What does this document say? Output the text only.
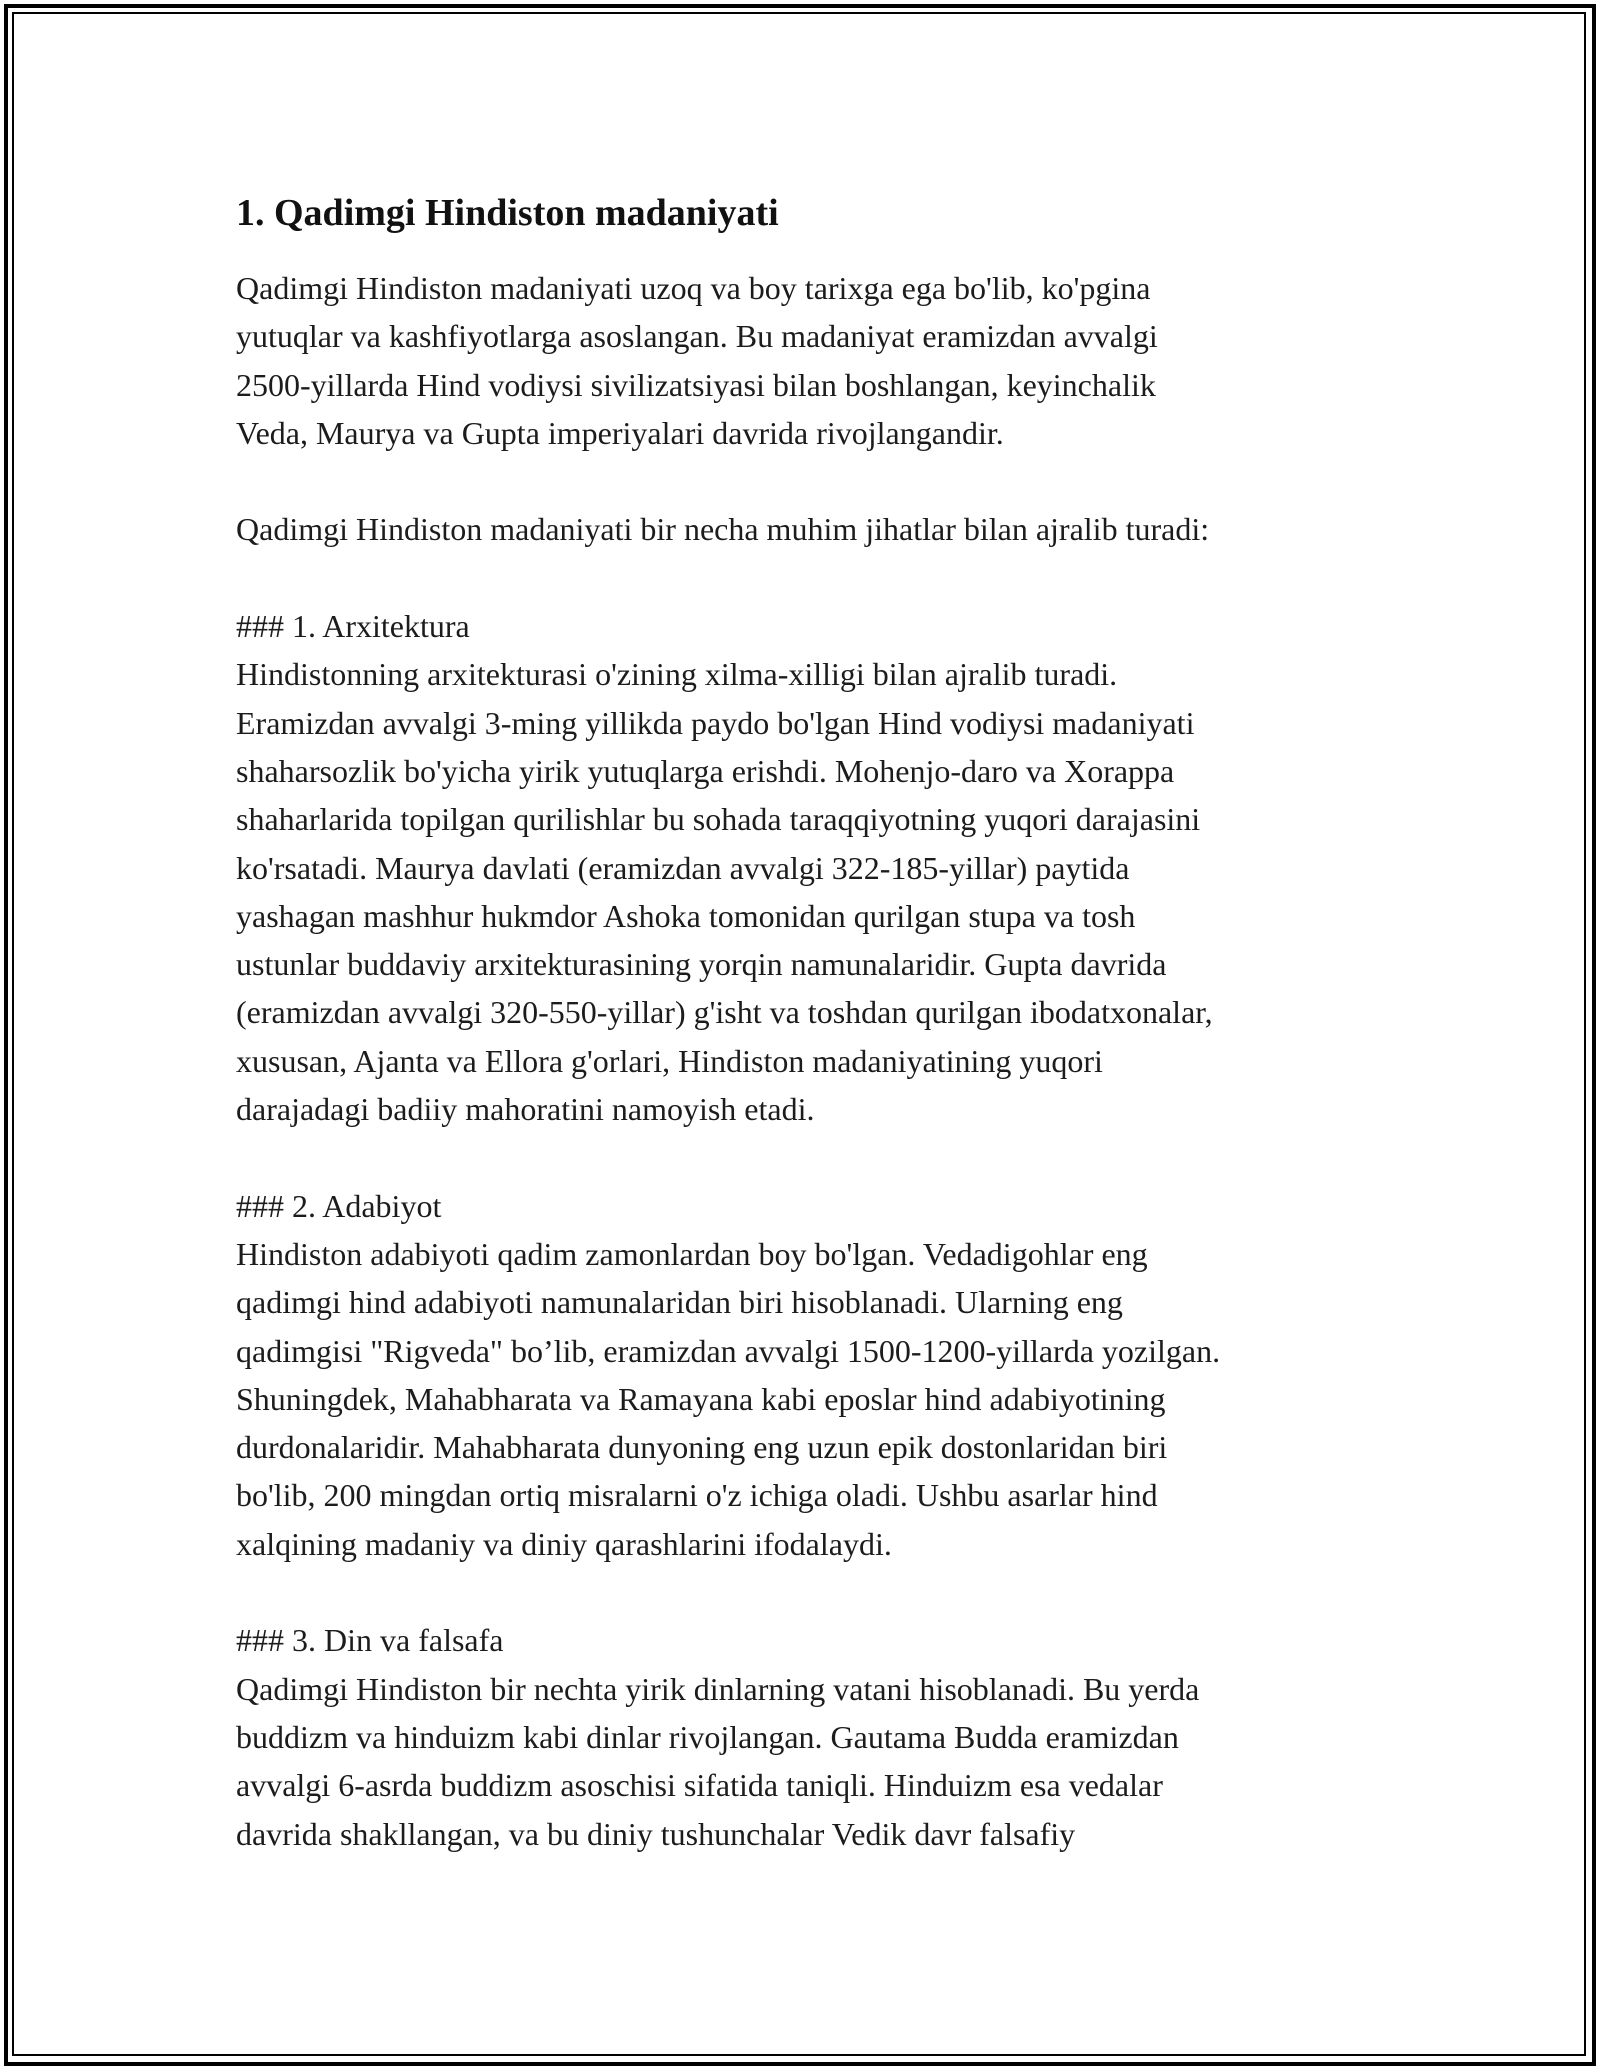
1. Qadimgi Hindiston madaniyati

Qadimgi Hindiston madaniyati uzoq va boy tarixga ega bo'lib, ko'pgina
yutuqlar va kashfiyotlarga asoslangan. Bu madaniyat eramizdan avvalgi
2500-yillarda Hind vodiysi sivilizatsiyasi bilan boshlangan, keyinchalik
Veda, Maurya va Gupta imperiyalari davrida rivojlangandir.

Qadimgi Hindiston madaniyati bir necha muhim jihatlar bilan ajralib turadi:

### 1. Arxitektura

Hindistonning arxitekturasi o'zining xilma-xilligi bilan ajralib turadi.
Eramizdan avvalgi 3-ming yillikda paydo bo'lgan Hind vodiysi madaniyati
shaharsozlik bo'yicha yirik yutuqlarga erishdi. Mohenjo-daro va Xorappa
shaharlarida topilgan qurilishlar bu sohada taraqqiyotning yuqori darajasini
ko'rsatadi. Maurya davlati (eramizdan avvalgi 322-185-yillar) paytida
yashagan mashhur hukmdor Ashoka tomonidan qurilgan stupa va tosh
ustunlar buddaviy arxitekturasining yorqin namunalaridir. Gupta davrida
(eramizdan avvalgi 320-550-yillar) g'isht va toshdan qurilgan ibodatxonalar,
xususan, Ajanta va Ellora g'orlari, Hindiston madaniyatining yuqori
darajadagi badiiy mahoratini namoyish etadi.

### 2. Adabiyot

Hindiston adabiyoti qadim zamonlardan boy bo'lgan. Vedadigohlar eng
qadimgi hind adabiyoti namunalaridan biri hisoblanadi. Ularning eng
qadimgisi "Rigveda" bo’lib, eramizdan avvalgi 1500-1200-yillarda yozilgan.
Shuningdek, Mahabharata va Ramayana kabi eposlar hind adabiyotining
durdonalaridir. Mahabharata dunyoning eng uzun epik dostonlaridan biri
bo'lib, 200 mingdan ortiq misralarni o'z ichiga oladi. Ushbu asarlar hind
xalqining madaniy va diniy qarashlarini ifodalaydi.

### 3. Din va falsafa

Qadimgi Hindiston bir nechta yirik dinlarning vatani hisoblanadi. Bu yerda
buddizm va hinduizm kabi dinlar rivojlangan. Gautama Budda eramizdan
avvalgi 6-asrda buddizm asoschisi sifatida taniqli. Hinduizm esa vedalar
davrida shakllangan, va bu diniy tushunchalar Vedik davr falsafiy
